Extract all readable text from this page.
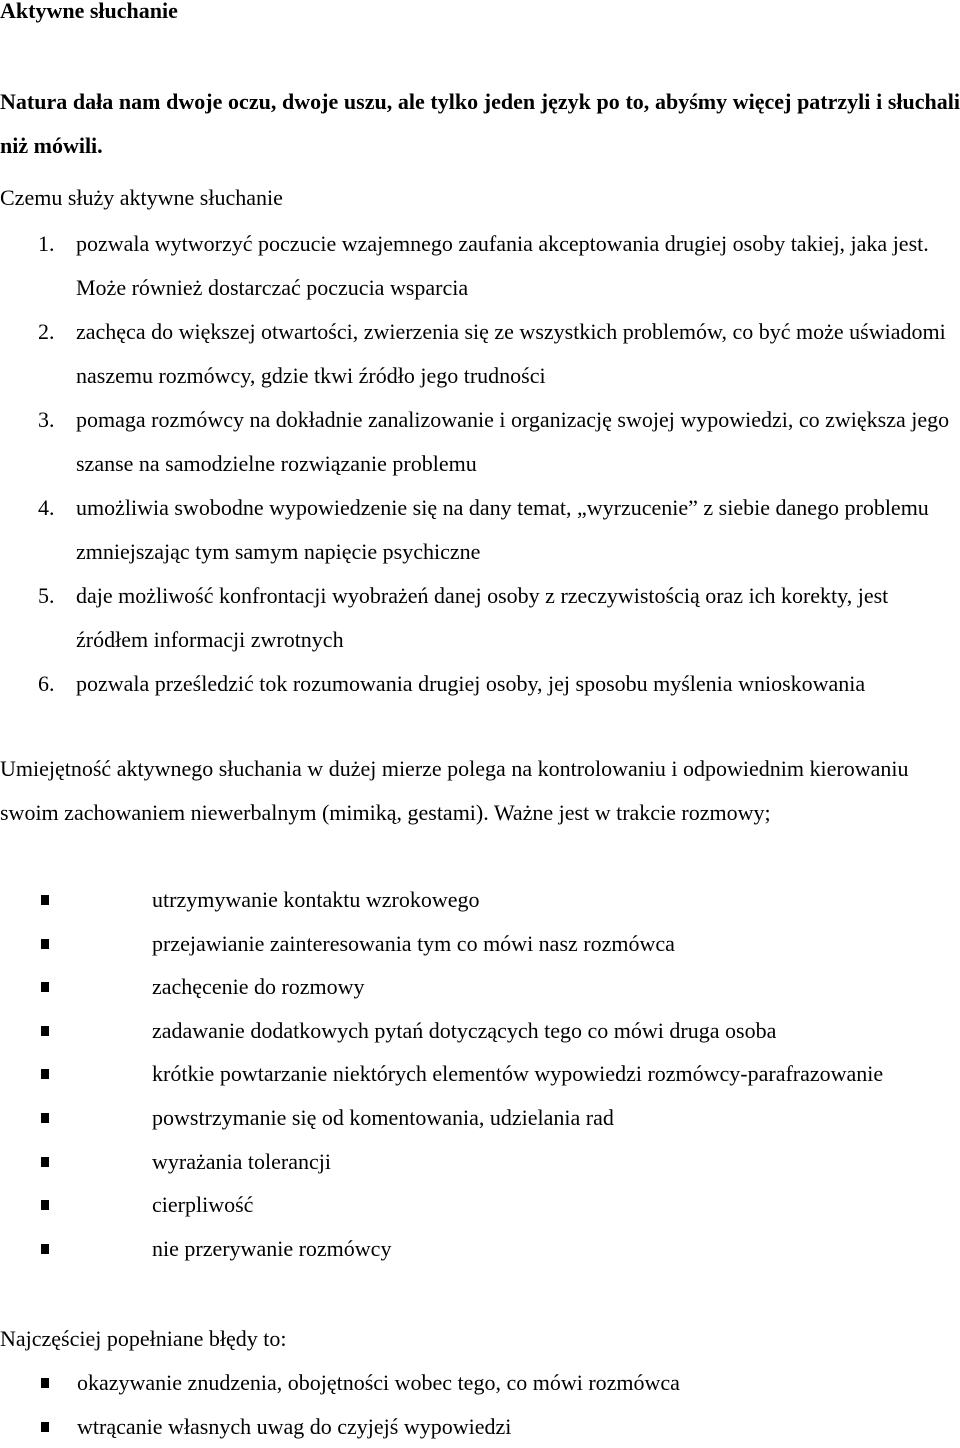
Aktywne słuchanie

Natura dała nam dwoje oczu, dwoje uszu, ale tylko jeden język po to, abyśmy więcej patrzyli i słuchali niż mówili.

Czemu służy aktywne słuchanie
1. pozwala wytworzyć poczucie wzajemnego zaufania akceptowania drugiej osoby takiej, jaka jest. Może również dostarczać poczucia wsparcia
2. zachęca do większej otwartości, zwierzenia się ze wszystkich problemów, co być może uświadomi naszemu rozmówcy, gdzie tkwi źródło jego trudności
3. pomaga rozmówcy na dokładnie zanalizowanie i organizację swojej wypowiedzi, co zwiększa jego szanse na samodzielne rozwiązanie problemu
4. umożliwia swobodne wypowiedzenie się na dany temat, „wyrzucenie” z siebie danego problemu zmniejszając tym samym napięcie psychiczne
5. daje możliwość konfrontacji wyobrażeń danej osoby z rzeczywistością oraz ich korekty, jest źródłem informacji zwrotnych
6. pozwala prześledzić tok rozumowania drugiej osoby, jej sposobu myślenia wnioskowania

Umiejętność aktywnego słuchania w dużej mierze polega na kontrolowaniu i odpowiednim kierowaniu swoim zachowaniem niewerbalnym (mimiką, gestami). Ważne jest w trakcie rozmowy;

utrzymywanie kontaktu wzrokowego
przejawianie zainteresowania tym co mówi nasz rozmówca
zachęcenie do rozmowy
zadawanie dodatkowych pytań dotyczących tego co mówi druga osoba
krótkie powtarzanie niektórych elementów wypowiedzi rozmówcy-parafrazowanie
powstrzymanie się od komentowania, udzielania rad
wyrażania tolerancji
cierpliwość
nie przerywanie rozmówcy
Najczęściej popełniane błędy to:
okazywanie znudzenia, obojętności wobec tego, co mówi rozmówca
wtrącanie własnych uwag do czyjejś wypowiedzi
